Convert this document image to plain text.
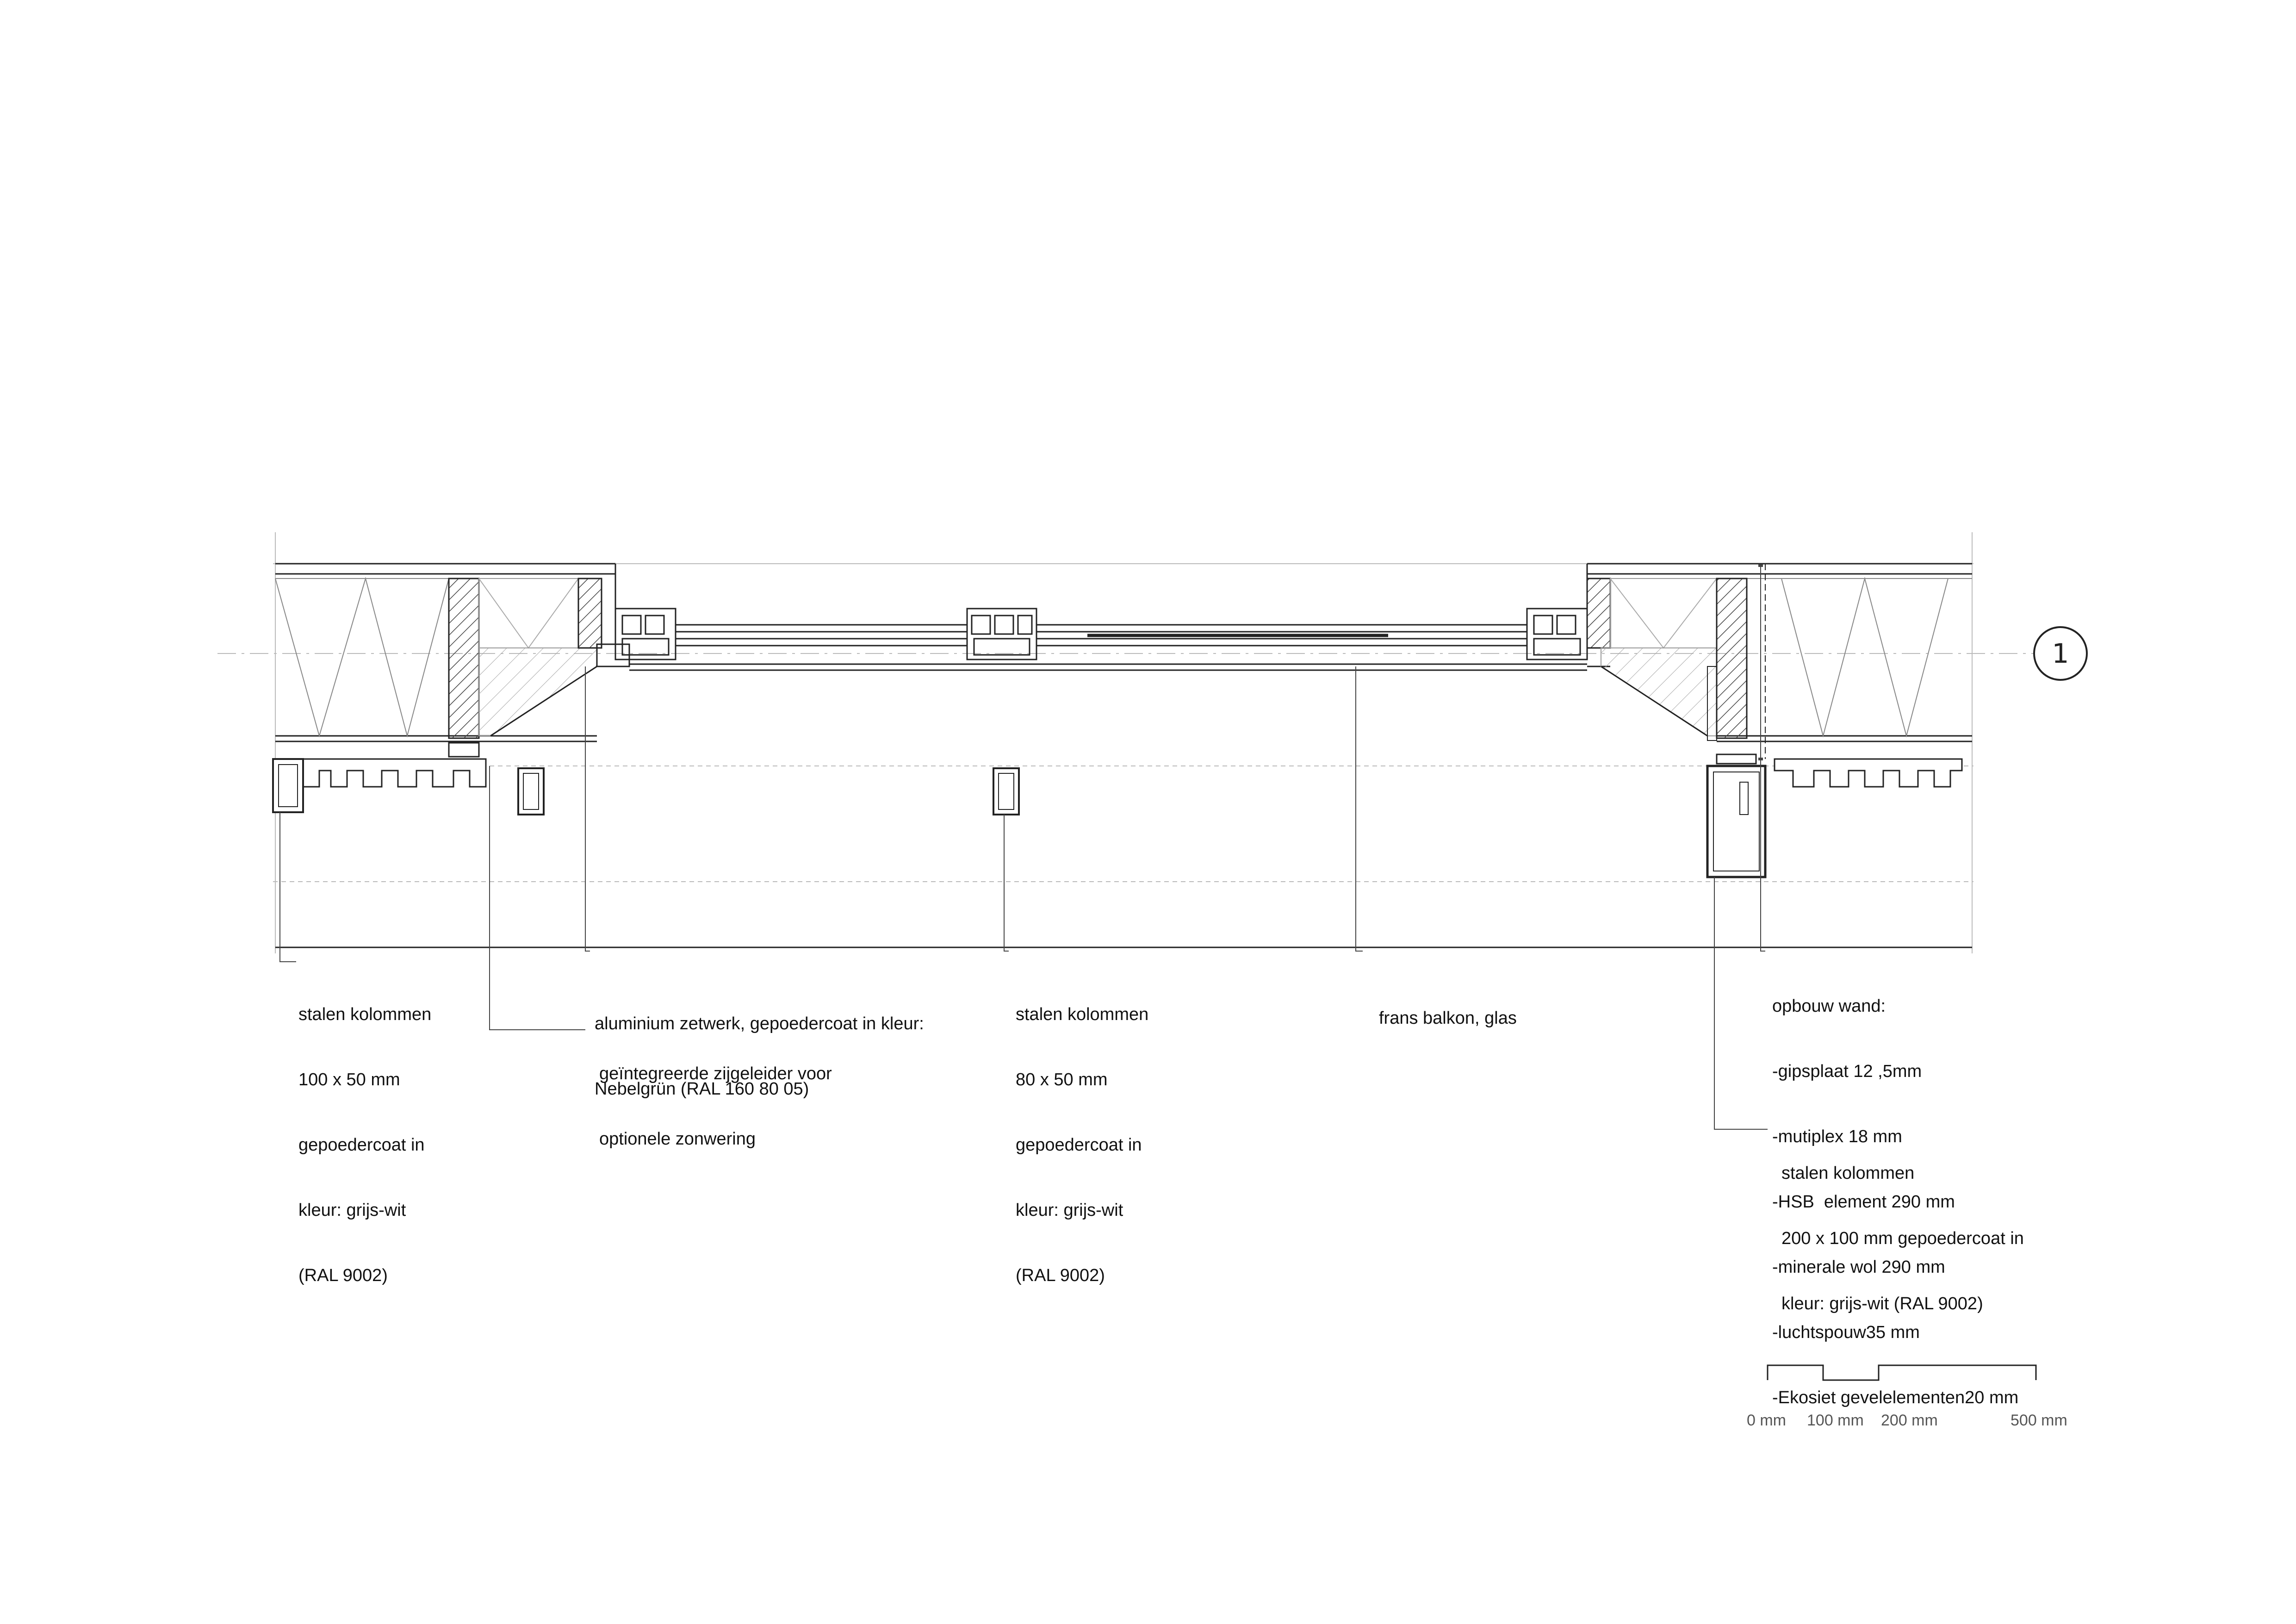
1

stalen kolommen

100 x 50 mm

gepoedercoat in

kleur: grijs-wit

(RAL 9002)

aluminium zetwerk, gepoedercoat in kleur:

Nebelgrün (RAL 160 80 05)

geïntegreerde zijgeleider voor

optionele zonwering

stalen kolommen

80 x 50 mm

gepoedercoat in

kleur: grijs-wit

(RAL 9002)

frans balkon, glas

opbouw wand:

-gipsplaat 12 ,5mm

-mutiplex 18 mm

-HSB  element 290 mm

-minerale wol 290 mm

-luchtspouw35 mm

-Ekosiet gevelelementen20 mm

stalen kolommen

200 x 100 mm gepoedercoat in

kleur: grijs-wit (RAL 9002)

0 mm 100 mm 200 mm	500 mm
